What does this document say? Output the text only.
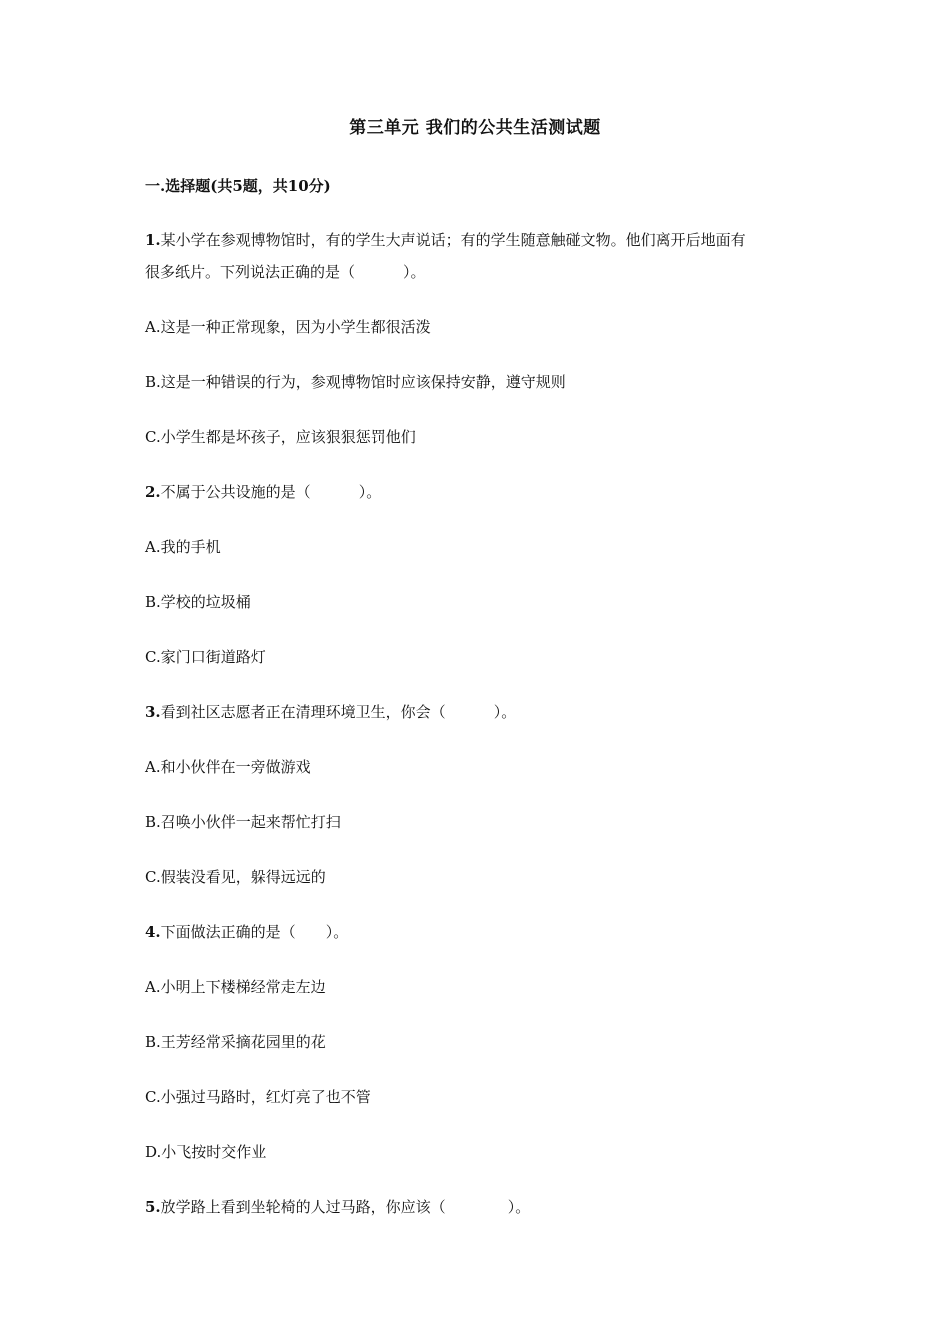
第三单元 我们的公共生活测试题
一.选择题(共5题，共10分)
1.某小学在参观博物馆时，有的学生大声说话；有的学生随意触碰文物。他们离开后地面有
很多纸片。下列说法正确的是（	）。
A.这是一种正常现象，因为小学生都很活泼
B.这是一种错误的行为，参观博物馆时应该保持安静，遵守规则
C.小学生都是坏孩子，应该狠狠惩罚他们
2.不属于公共设施的是（	）。
A.我的手机
B.学校的垃圾桶
C.家门口街道路灯
3.看到社区志愿者正在清理环境卫生，你会（	）。
A.和小伙伴在一旁做游戏
B.召唤小伙伴一起来帮忙打扫
C.假装没看见，躲得远远的
4.下面做法正确的是（ ）。
A.小明上下楼梯经常走左边
B.王芳经常采摘花园里的花
C.小强过马路时，红灯亮了也不管
D.小飞按时交作业
5.放学路上看到坐轮椅的人过马路，你应该（	）。
